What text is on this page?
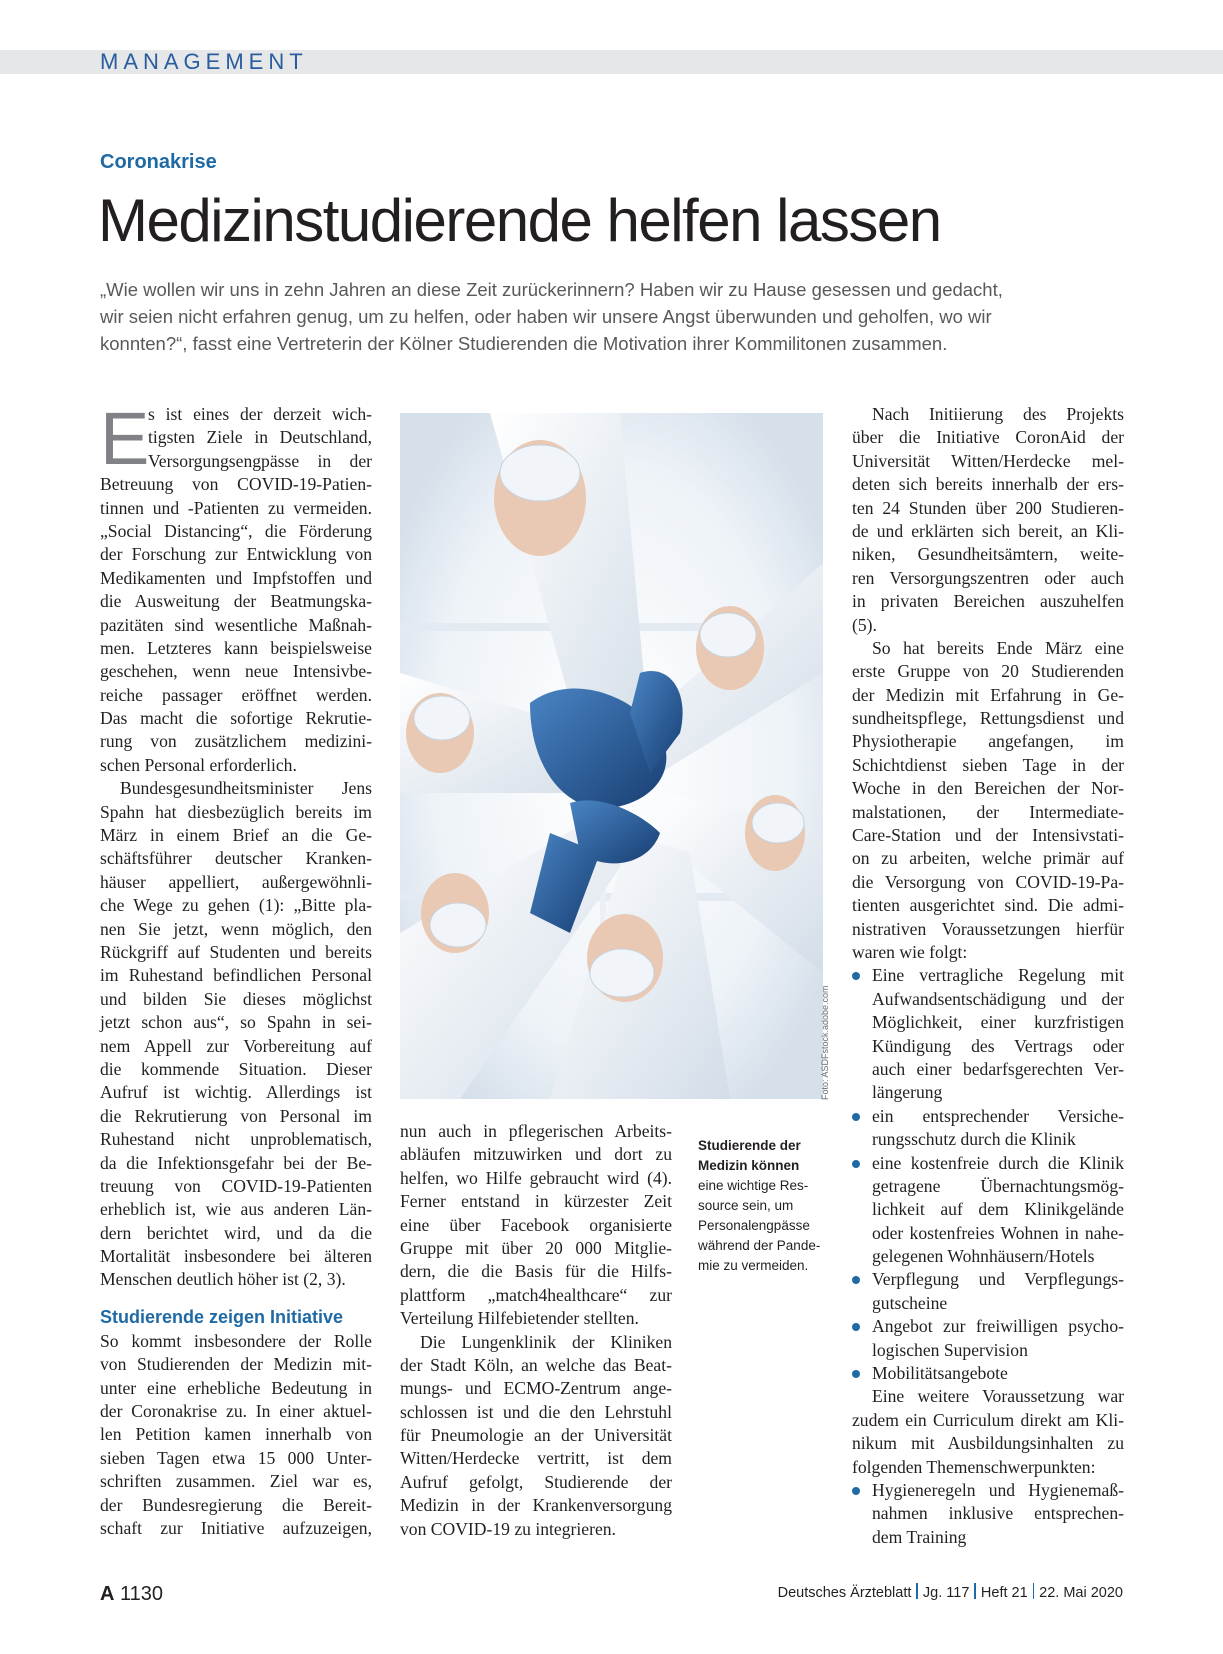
MANAGEMENT
Coronakrise
Medizinstudierende helfen lassen
„Wie wollen wir uns in zehn Jahren an diese Zeit zurückerinnern? Haben wir zu Hause gesessen und gedacht,
wir seien nicht erfahren genug, um zu helfen, oder haben wir unsere Angst überwunden und geholfen, wo wir
konnten?“, fasst eine Vertreterin der Kölner Studierenden die Motivation ihrer Kommilitonen zusammen.
E
s ist eines der derzeit wich-
tigsten Ziele in Deutschland,
Versorgungsengpässe in der
Betreuung von COVID-19-Patien-
tinnen und -Patienten zu vermeiden.
„Social Distancing“, die Förderung
der Forschung zur Entwicklung von
Medikamenten und Impfstoffen und
die Ausweitung der Beatmungska-
pazitäten sind wesentliche Maßnah-
men. Letzteres kann beispielsweise
geschehen, wenn neue Intensivbe-
reiche passager eröffnet werden.
Das macht die sofortige Rekrutie-
rung von zusätzlichem medizini-
schen Personal erforderlich.
Bundesgesundheitsminister Jens
Spahn hat diesbezüglich bereits im
März in einem Brief an die Ge-
schäftsführer deutscher Kranken-
häuser appelliert, außergewöhnli-
che Wege zu gehen (1): „Bitte pla-
nen Sie jetzt, wenn möglich, den
Rückgriff auf Studenten und bereits
im Ruhestand befindlichen Personal
und bilden Sie dieses möglichst
jetzt schon aus“, so Spahn in sei-
nem Appell zur Vorbereitung auf
die kommende Situation. Dieser
Aufruf ist wichtig. Allerdings ist
die Rekrutierung von Personal im
Ruhestand nicht unproblematisch,
da die Infektionsgefahr bei der Be-
treuung von COVID-19-Patienten
erheblich ist, wie aus anderen Län-
dern berichtet wird, und da die
Mortalität insbesondere bei älteren
Menschen deutlich höher ist (2, 3).
Studierende zeigen Initiative
So kommt insbesondere der Rolle
von Studierenden der Medizin mit-
unter eine erhebliche Bedeutung in
der Coronakrise zu. In einer aktuel-
len Petition kamen innerhalb von
sieben Tagen etwa 15 000 Unter-
schriften zusammen. Ziel war es,
der Bundesregierung die Bereit-
schaft zur Initiative aufzuzeigen,
Foto: ASDFstock.adobe.com
Studierende der
Medizin können
eine wichtige Res-
source sein, um
Personalengpässe
während der Pande-
mie zu vermeiden.
nun auch in pflegerischen Arbeits-
abläufen mitzuwirken und dort zu
helfen, wo Hilfe gebraucht wird (4).
Ferner entstand in kürzester Zeit
eine über Facebook organisierte
Gruppe mit über 20 000 Mitglie-
dern, die die Basis für die Hilfs-
plattform „match4healthcare“ zur
Verteilung Hilfebietender stellten.
Die Lungenklinik der Kliniken
der Stadt Köln, an welche das Beat-
mungs- und ECMO-Zentrum ange-
schlossen ist und die den Lehrstuhl
für Pneumologie an der Universität
Witten/Herdecke vertritt, ist dem
Aufruf gefolgt, Studierende der
Medizin in der Krankenversorgung
von COVID-19 zu integrieren.
Nach Initiierung des Projekts
über die Initiative CoronAid der
Universität Witten/Herdecke mel-
deten sich bereits innerhalb der ers-
ten 24 Stunden über 200 Studieren-
de und erklärten sich bereit, an Kli-
niken, Gesundheitsämtern, weite-
ren Versorgungszentren oder auch
in privaten Bereichen auszuhelfen
(5).
So hat bereits Ende März eine
erste Gruppe von 20 Studierenden
der Medizin mit Erfahrung in Ge-
sundheitspflege, Rettungsdienst und
Physiotherapie angefangen, im
Schichtdienst sieben Tage in der
Woche in den Bereichen der Nor-
malstationen, der Intermediate-
Care-Station und der Intensivstati-
on zu arbeiten, welche primär auf
die Versorgung von COVID-19-Pa-
tienten ausgerichtet sind. Die admi-
nistrativen Voraussetzungen hierfür
waren wie folgt:
Eine vertragliche Regelung mit
Aufwandsentschädigung und der
Möglichkeit, einer kurzfristigen
Kündigung des Vertrags oder
auch einer bedarfsgerechten Ver-
längerung
ein entsprechender Versiche-
rungsschutz durch die Klinik
eine kostenfreie durch die Klinik
getragene Übernachtungsmög-
lichkeit auf dem Klinikgelände
oder kostenfreies Wohnen in nahe-
gelegenen Wohnhäusern/Hotels
Verpflegung und Verpflegungs-
gutscheine
Angebot zur freiwilligen psycho-
logischen Supervision
Mobilitätsangebote
Eine weitere Voraussetzung war
zudem ein Curriculum direkt am Kli-
nikum mit Ausbildungsinhalten zu
folgenden Themenschwerpunkten:
Hygieneregeln und Hygienemaß-
nahmen inklusive entsprechen-
dem Training
A 1130	Deutsches Ärzteblatt Jg. 117 Heft 21 22. Mai 2020
